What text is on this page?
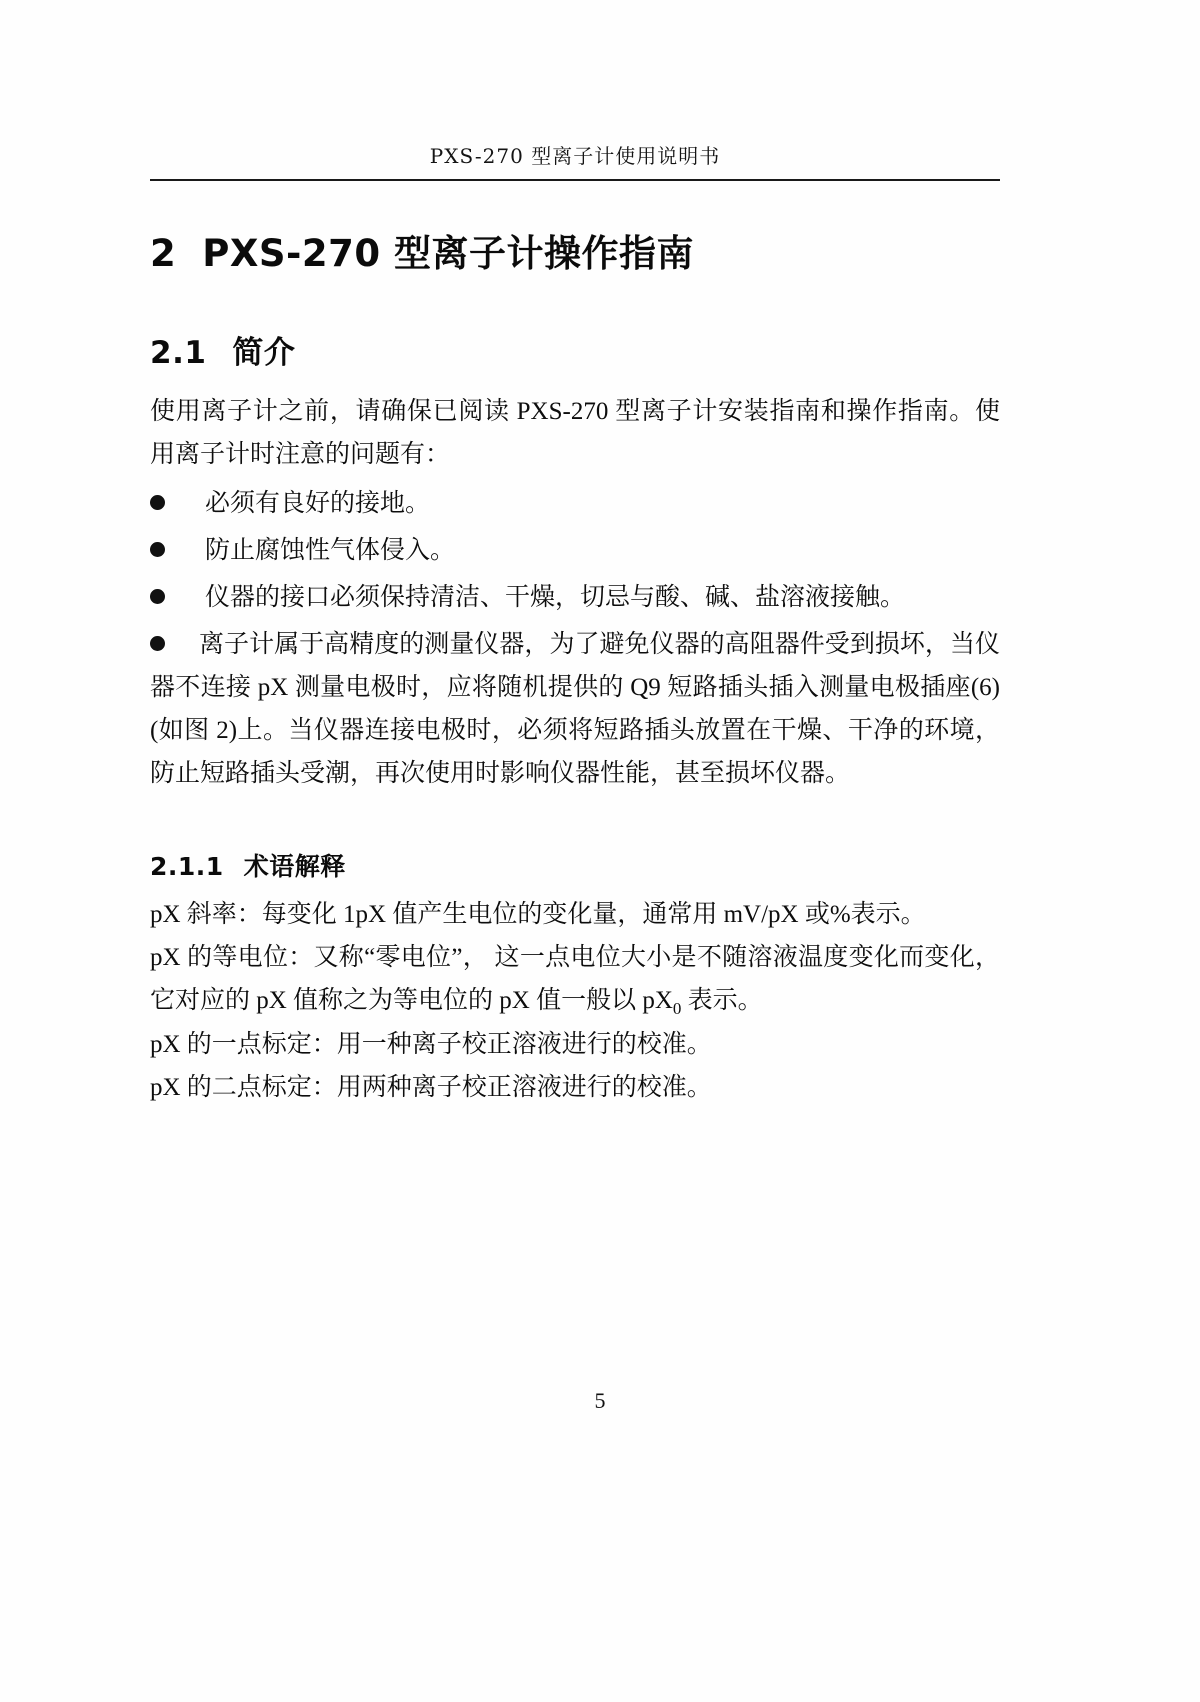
PXS-270 型离子计使用说明书
2 PXS-270 型离子计操作指南
2.1 简介

使用离子计之前，请确保已阅读 PXS-270 型离子计安装指南和操作指南。使用离子计时注意的问题有：

必须有良好的接地。
防止腐蚀性气体侵入。
仪器的接口必须保持清洁、干燥，切忌与酸、碱、盐溶液接触。
离子计属于高精度的测量仪器，为了避免仪器的高阻器件受到损坏，当仪器不连接 pX 测量电极时，应将随机提供的 Q9 短路插头插入测量电极插座(6)(如图 2)上。当仪器连接电极时，必须将短路插头放置在干燥、干净的环境，防止短路插头受潮，再次使用时影响仪器性能，甚至损坏仪器。
2.1.1 术语解释

pX 斜率：每变化 1pX 值产生电位的变化量，通常用 mV/pX 或%表示。

pX 的等电位：又称“零电位”， 这一点电位大小是不随溶液温度变化而变化，它对应的 pX 值称之为等电位的 pX 值一般以 $pX_0$ 表示。

pX 的一点标定：用一种离子校正溶液进行的校准。

pX 的二点标定：用两种离子校正溶液进行的校准。

5
